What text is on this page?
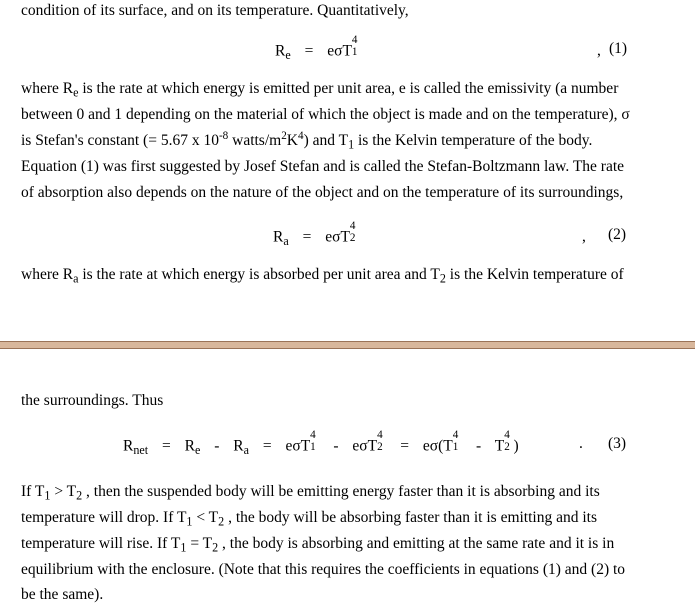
condition of its surface, and on its temperature. Quantitatively,
$R_e = e\sigma T$
4
1	, (1)
where $R_e$ is the rate at which energy is emitted per unit area, e is called the emissivity (a number
between 0 and 1 depending on the material of which the object is made and on the temperature), σ
is Stefan's constant (= 5.67 x $10^{-8}$ watts/$m^2K^4$) and $T_1$ is the Kelvin temperature of the body.
Equation (1) was first suggested by Josef Stefan and is called the Stefan-Boltzmann law. The rate
of absorption also depends on the nature of the object and on the temperature of its surroundings,
$R_a = e\sigma T$
4
2	, (2)
where $R_a$ is the rate at which energy is absorbed per unit area and $T_2$ is the Kelvin temperature of
the surroundings. Thus
$R_{net} = R_e - R_a = e\sigma T$
4
1 - eσT
4
2 = eσ(T
4
1 - T
4
2 )	. (3)
If $T_1 > T_2$ , then the suspended body will be emitting energy faster than it is absorbing and its
temperature will drop. If $T_1 < T_2$ , the body will be absorbing faster than it is emitting and its
temperature will rise. If $T_1 = T_2$ , the body is absorbing and emitting at the same rate and it is in
equilibrium with the enclosure. (Note that this requires the coefficients in equations (1) and (2) to
be the same).
